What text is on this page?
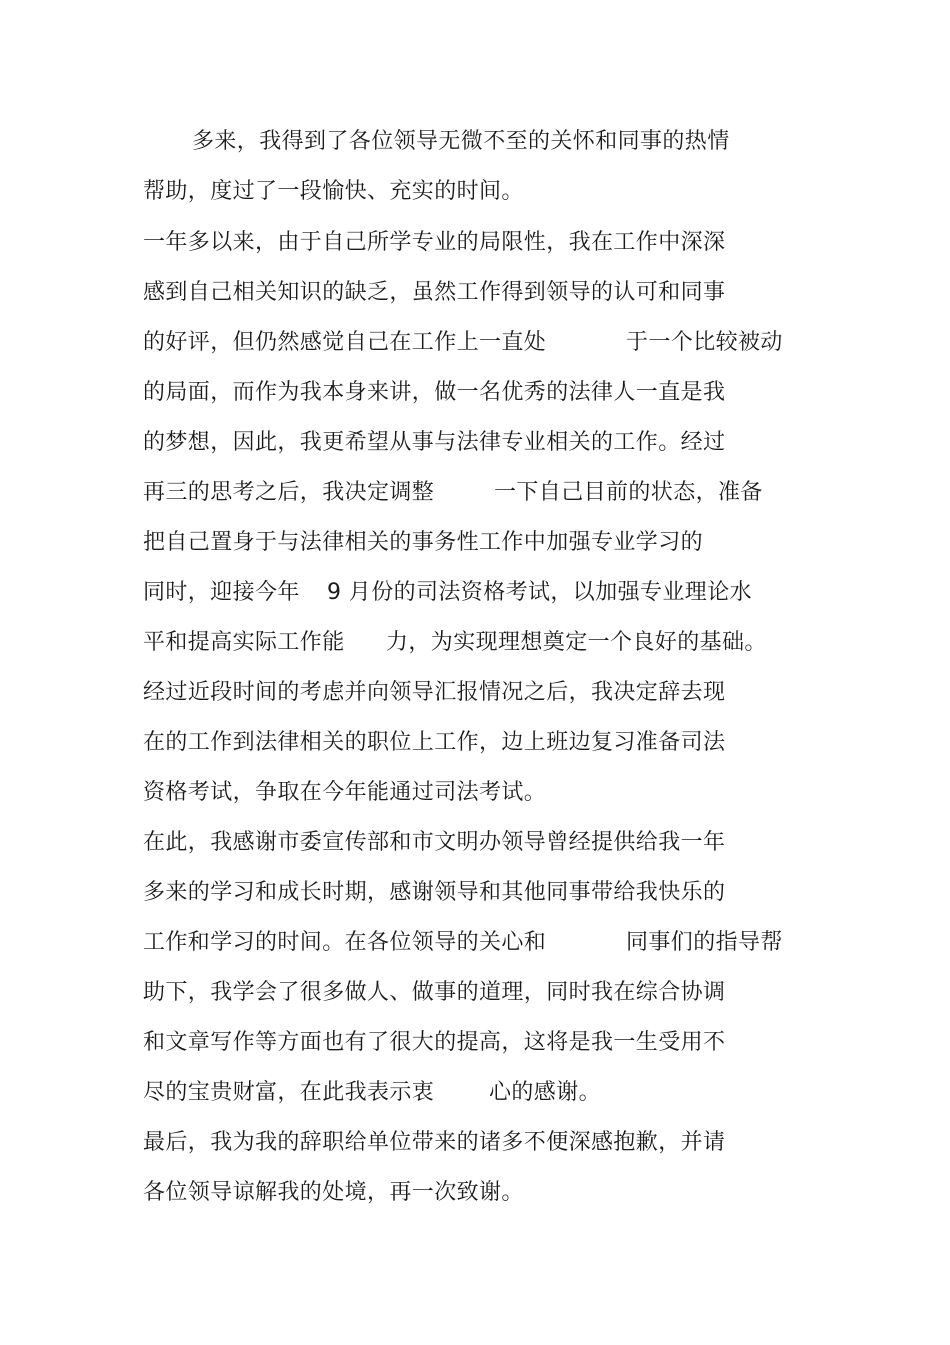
多来，我得到了各位领导无微不至的关怀和同事的热情
帮助，度过了一段愉快、充实的时间。
一年多以来，由于自己所学专业的局限性，我在工作中深深
感到自己相关知识的缺乏，虽然工作得到领导的认可和同事
的好评，但仍然感觉自己在工作上一直处	于一个比较被动
的局面，而作为我本身来讲，做一名优秀的法律人一直是我
的梦想，因此，我更希望从事与法律专业相关的工作。经过
再三的思考之后，我决定调整	一下自己目前的状态，准备
把自己置身于与法律相关的事务性工作中加强专业学习的
同时，迎接今年 9 月份的司法资格考试，以加强专业理论水
平和提高实际工作能 力，为实现理想奠定一个良好的基础。
经过近段时间的考虑并向领导汇报情况之后，我决定辞去现
在的工作到法律相关的职位上工作，边上班边复习准备司法
资格考试，争取在今年能通过司法考试。
在此，我感谢市委宣传部和市文明办领导曾经提供给我一年
多来的学习和成长时期，感谢领导和其他同事带给我快乐的
工作和学习的时间。在各位领导的关心和	同事们的指导帮
助下，我学会了很多做人、做事的道理，同时我在综合协调
和文章写作等方面也有了很大的提高，这将是我一生受用不
尽的宝贵财富，在此我表示衷 心的感谢。
最后，我为我的辞职给单位带来的诸多不便深感抱歉，并请
各位领导谅解我的处境，再一次致谢。
